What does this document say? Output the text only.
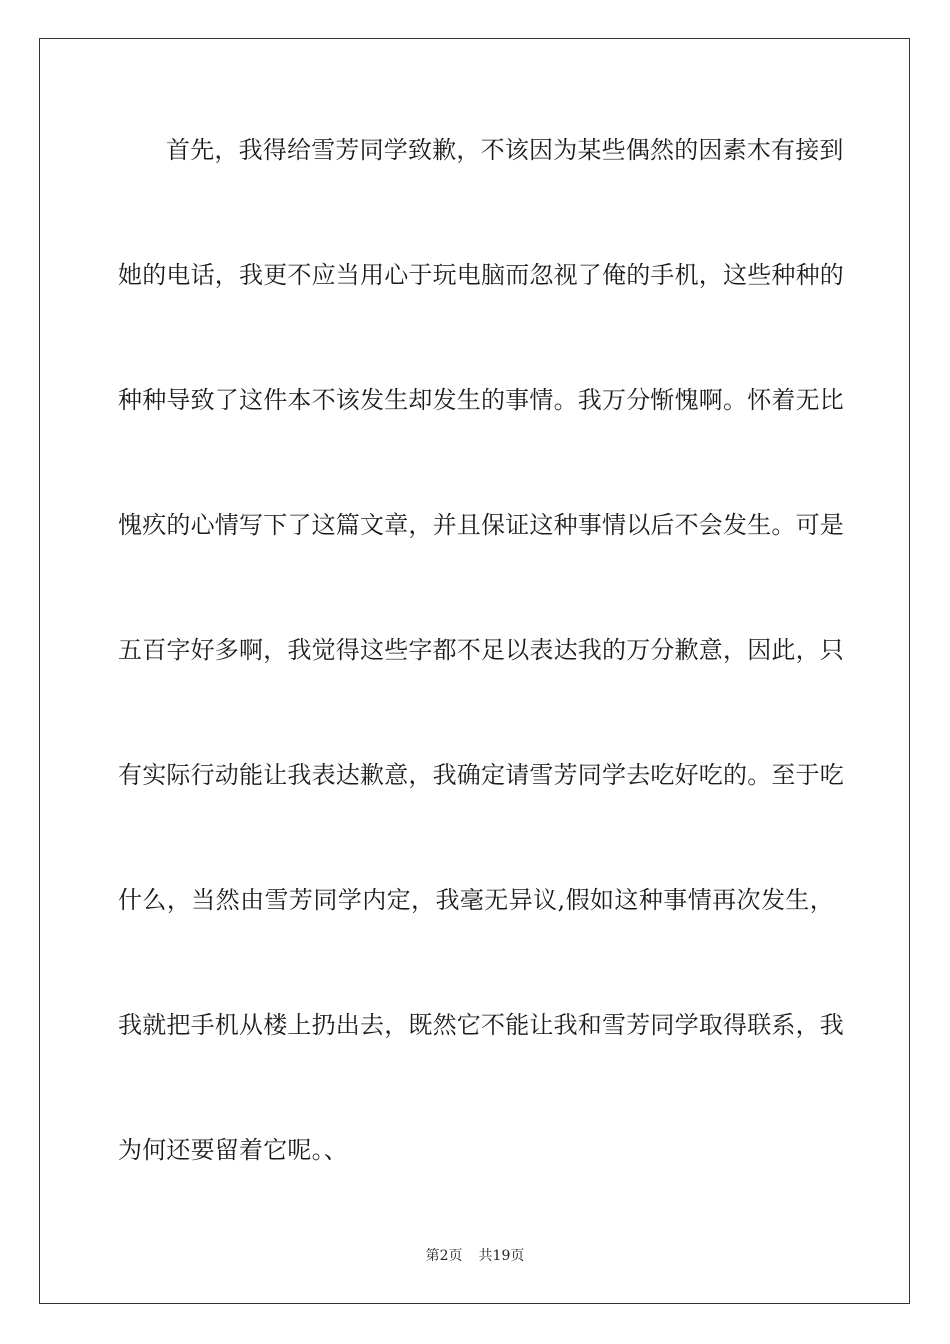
首先，我得给雪芳同学致歉，不该因为某些偶然的因素木有接到
她的电话，我更不应当用心于玩电脑而忽视了俺的手机，这些种种的
种种导致了这件本不该发生却发生的事情。我万分惭愧啊。怀着无比
愧疚的心情写下了这篇文章，并且保证这种事情以后不会发生。可是
五百字好多啊，我觉得这些字都不足以表达我的万分歉意，因此，只
有实际行动能让我表达歉意，我确定请雪芳同学去吃好吃的。至于吃
什么，当然由雪芳同学内定，我毫无异议,假如这种事情再次发生，
我就把手机从楼上扔出去，既然它不能让我和雪芳同学取得联系，我
为何还要留着它呢。、
第2页 共19页
